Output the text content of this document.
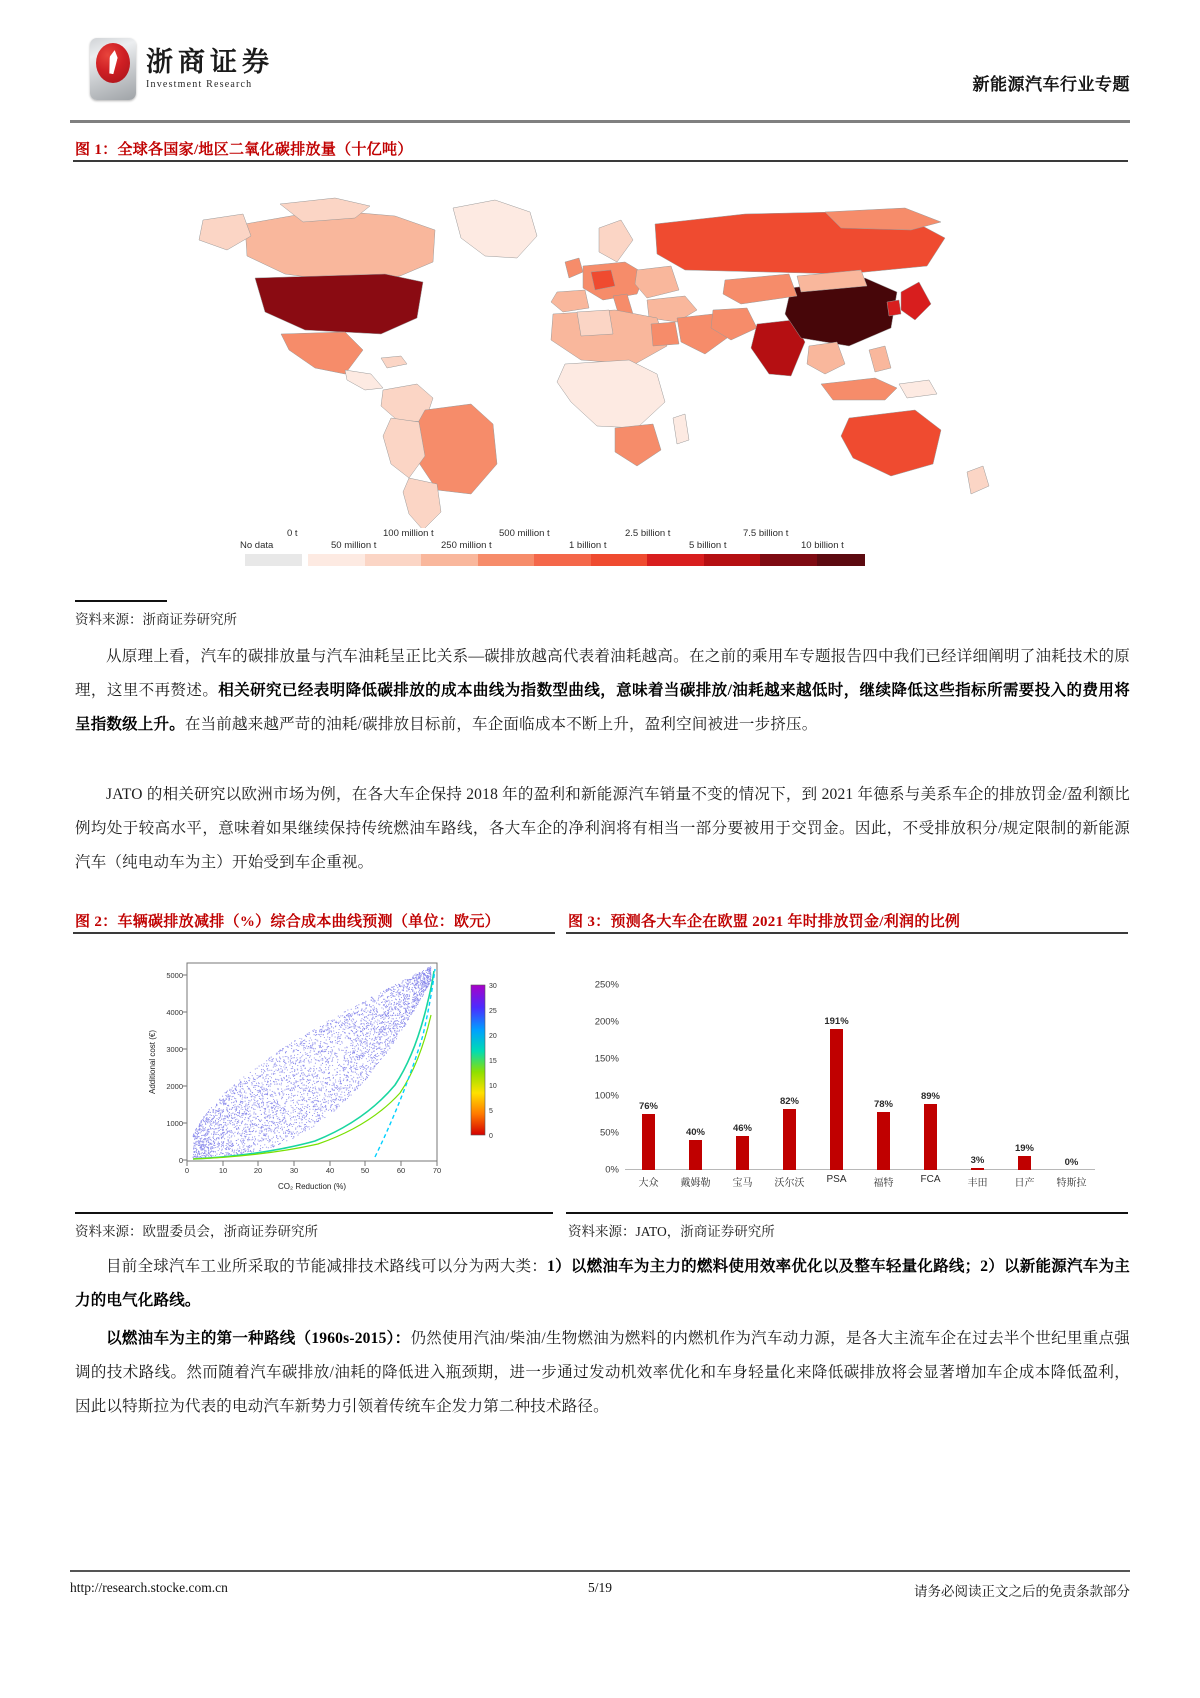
浙商证券
Investment Research	新能源汽车行业专题
图 1：全球各国家/地区二氧化碳排放量（十亿吨）
0 t	100 million t	500 million t	2.5 billion t	7.5 billion t
No data	50 million t	250 million t	1 billion t	5 billion t	10 billion t
资料来源：浙商证券研究所
从原理上看，汽车的碳排放量与汽车油耗呈正比关系—碳排放越高代表着油耗越高。在之前的乘用车专题报告四中我们已经详细阐明了油耗技术的原理，这里不再赘述。相关研究已经表明降低碳排放的成本曲线为指数型曲线，意味着当碳排放/油耗越来越低时，继续降低这些指标所需要投入的费用将呈指数级上升。在当前越来越严苛的油耗/碳排放目标前，车企面临成本不断上升，盈利空间被进一步挤压。
JATO 的相关研究以欧洲市场为例，在各大车企保持 2018 年的盈利和新能源汽车销量不变的情况下，到 2021 年德系与美系车企的排放罚金/盈利额比例均处于较高水平，意味着如果继续保持传统燃油车路线，各大车企的净利润将有相当一部分要被用于交罚金。因此，不受排放积分/规定限制的新能源汽车（纯电动车为主）开始受到车企重视。
图 2：车辆碳排放减排（%）综合成本曲线预测（单位：欧元）	图 3：预测各大车企在欧盟 2021 年时排放罚金/利润的比例
0
1000
2000
3000
4000
5000
0	10	20	30	40	50	60	70
CO₂ Reduction (%)
Additional cost (€)
0
5
10
15
20
25
30
0%
50%
100%
150%
200%
250%
76%
大众
40%
戴姆勒
46%
宝马
82%
沃尔沃
191%
PSA
78%
福特
89%
FCA
3%
丰田
19%
日产
0%
特斯拉
资料来源：欧盟委员会，浙商证券研究所	资料来源：JATO，浙商证券研究所
目前全球汽车工业所采取的节能减排技术路线可以分为两大类：1）以燃油车为主力的燃料使用效率优化以及整车轻量化路线；2）以新能源汽车为主力的电气化路线。
以燃油车为主的第一种路线（1960s-2015）：仍然使用汽油/柴油/生物燃油为燃料的内燃机作为汽车动力源，是各大主流车企在过去半个世纪里重点强调的技术路线。然而随着汽车碳排放/油耗的降低进入瓶颈期，进一步通过发动机效率优化和车身轻量化来降低碳排放将会显著增加车企成本降低盈利，因此以特斯拉为代表的电动汽车新势力引领着传统车企发力第二种技术路径。
http://research.stocke.com.cn	5/19	请务必阅读正文之后的免责条款部分
